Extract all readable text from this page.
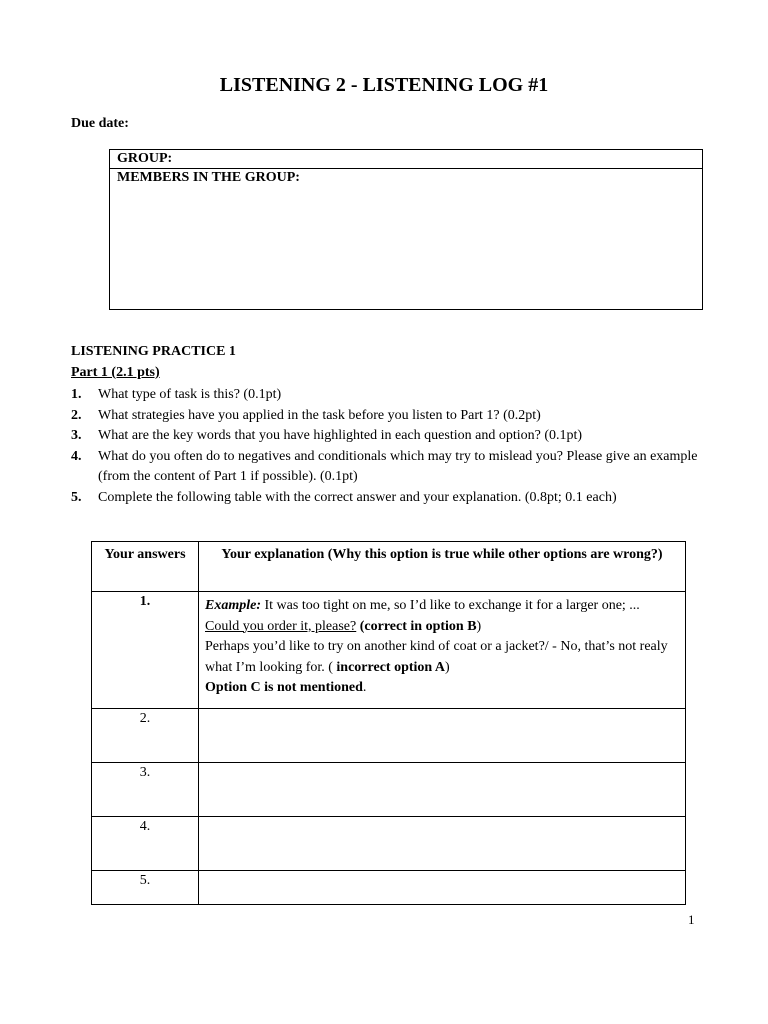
LISTENING 2 - LISTENING LOG #1
Due date:
GROUP:
MEMBERS IN THE GROUP:
LISTENING PRACTICE 1
Part 1 (2.1 pts)
1.	What type of task is this? (0.1pt)
2.	What strategies have you applied in the task before you listen to Part 1? (0.2pt)
3.	What are the key words that you have highlighted in each question and option? (0.1pt)
4.	What do you often do to negatives and conditionals which may try to mislead you? Please give an example (from the content of Part 1 if possible). (0.1pt)
5.	Complete the following table with the correct answer and your explanation. (0.8pt; 0.1 each)
Your answers	Your explanation (Why this option is true while other options are wrong?)
1.	Example: It was too tight on me, so I’d like to exchange it for a larger one; ...
Could you order it, please? (correct in option B)
Perhaps you’d like to try on another kind of coat or a jacket?/ - No, that’s not realy what I’m looking for. ( incorrect option A)
Option C is not mentioned.
2.	
3.	
4.	
5.	
1
